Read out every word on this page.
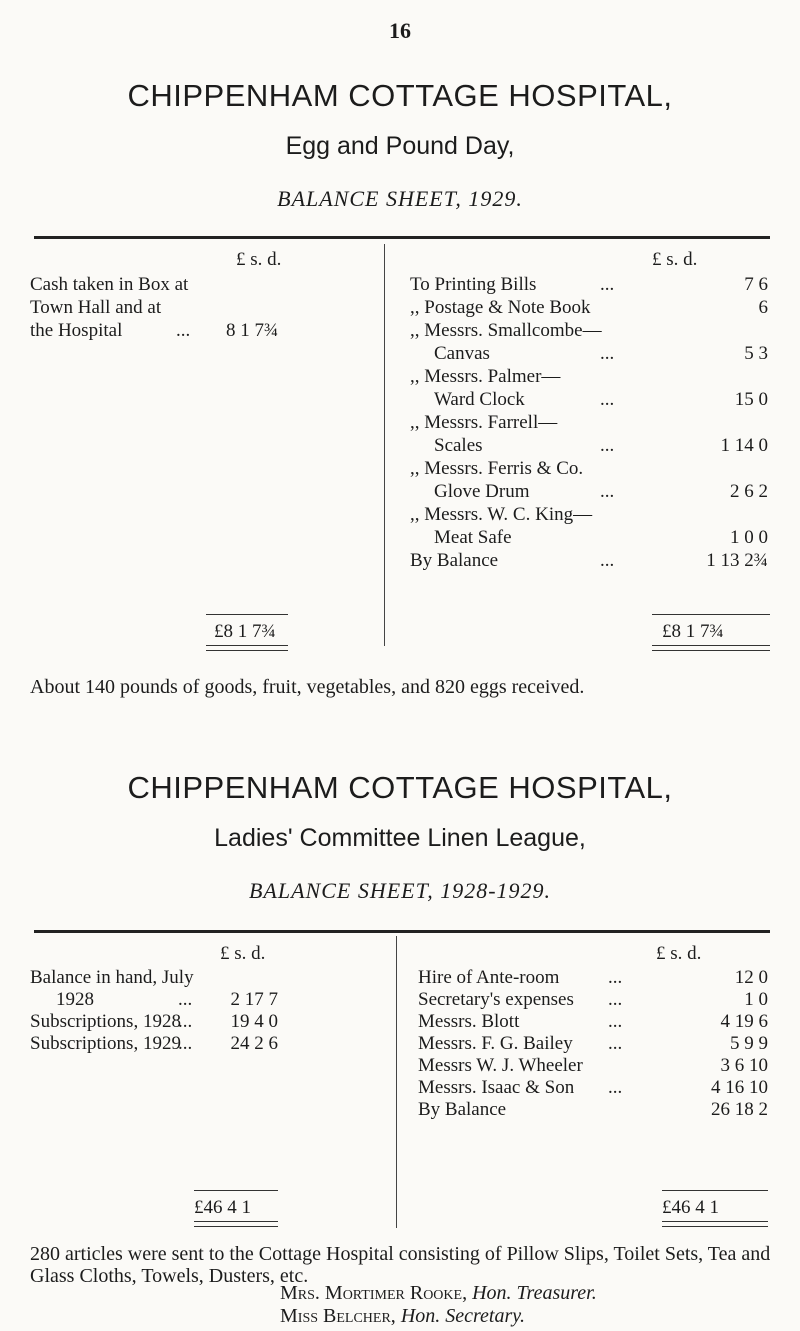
16
CHIPPENHAM COTTAGE HOSPITAL,
Egg and Pound Day,
BALANCE SHEET, 1929.
£ s. d.
Cash taken in Box at
Town Hall and at
the Hospital	... 8 1 7¾
£8 1 7¾
£ s. d.
To Printing Bills	...	7 6
,, Postage & Note Book	6
,, Messrs. Smallcombe—
Canvas	...	5 3
,, Messrs. Palmer—
Ward Clock	...	15 0
,, Messrs. Farrell—
Scales	...	1 14 0
,, Messrs. Ferris & Co.
Glove Drum	...	2 6 2
,, Messrs. W. C. King—
Meat Safe	1 0 0
By Balance	...	1 13 2¾
£8 1 7¾
About 140 pounds of goods, fruit, vegetables, and 820 eggs received.
CHIPPENHAM COTTAGE HOSPITAL,
Ladies' Committee Linen League,
BALANCE SHEET, 1928-1929.
£ s. d.
Balance in hand, July
1928	...	2 17 7
Subscriptions, 1928
...	19 4 0
Subscriptions, 1929
...	24 2 6
£46 4 1
£ s. d.
Hire of Ante-room	...	12 0
Secretary's expenses ...	1 0
Messrs. Blott	...	4 19 6
Messrs. F. G. Bailey ...	5 9 9
Messrs W. J. Wheeler	3 6 10
Messrs. Isaac & Son ...	4 16 10
By Balance	26 18 2
£46 4 1
280 articles were sent to the Cottage Hospital consisting of Pillow Slips, Toilet Sets, Tea and Glass Cloths, Towels, Dusters, etc.
Mrs. Mortimer Rooke, Hon. Treasurer.
Miss Belcher, Hon. Secretary.
